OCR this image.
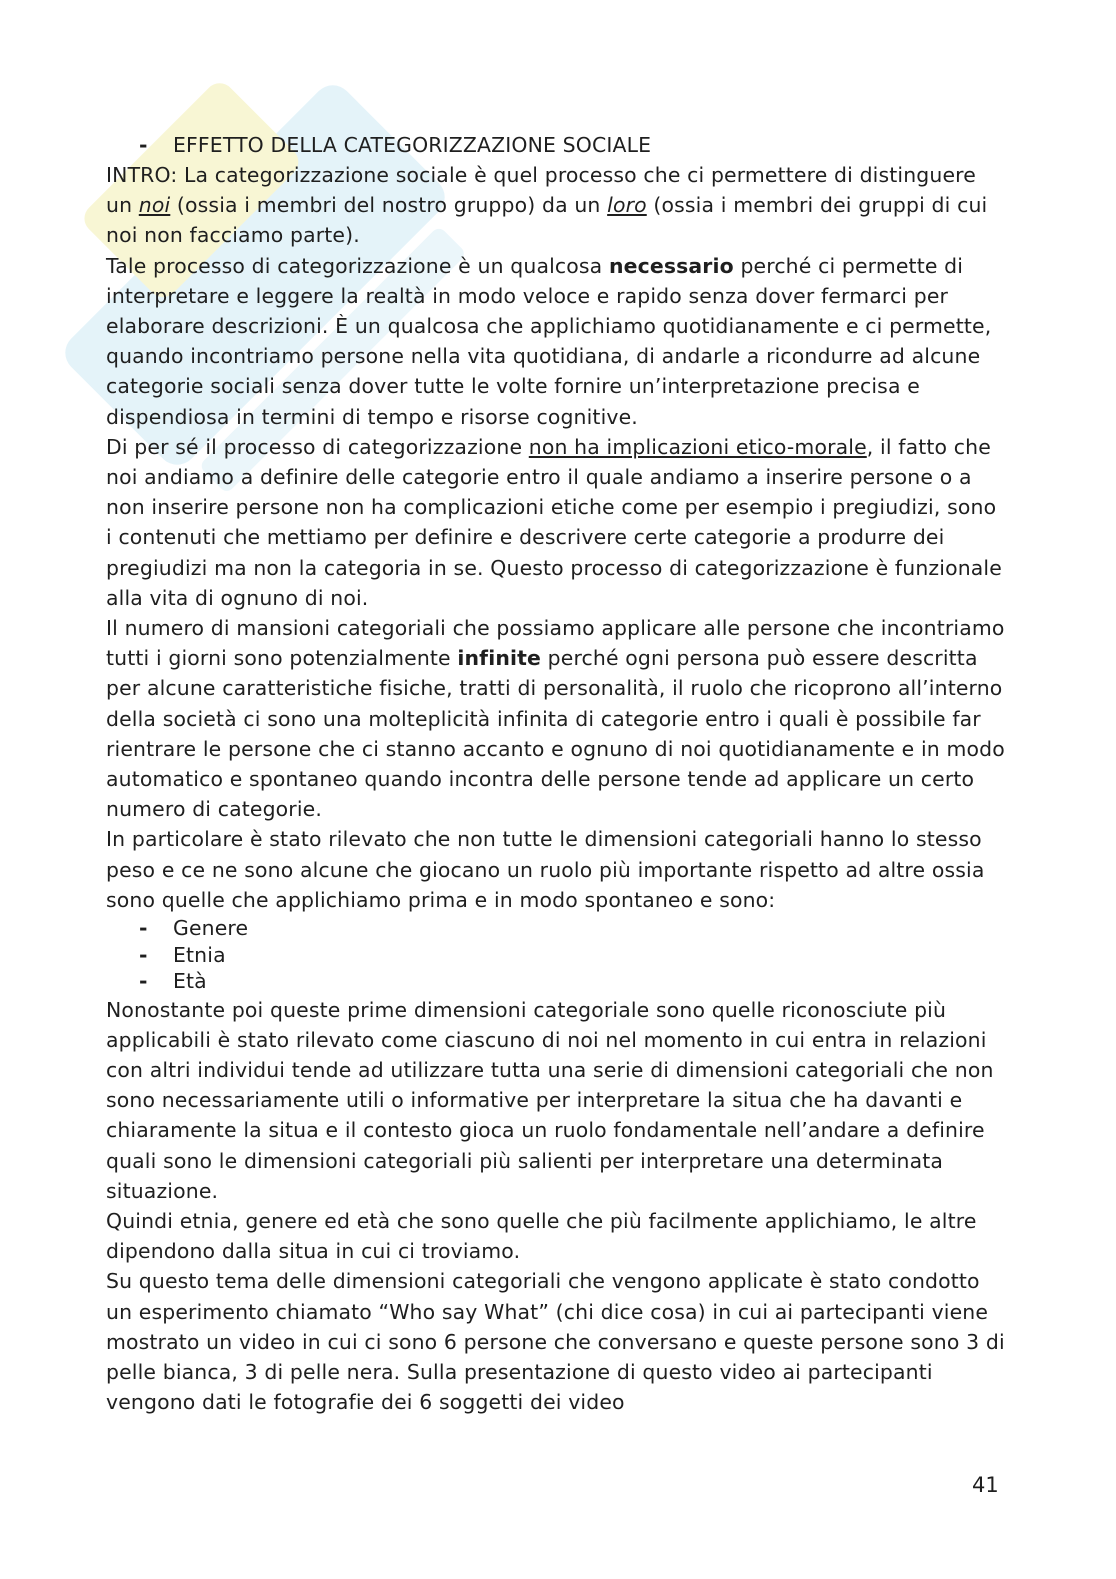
- EFFETTO DELLA CATEGORIZZAZIONE SOCIALE

INTRO: La categorizzazione sociale è quel processo che ci permettere di distinguere un noi (ossia i membri del nostro gruppo) da un loro (ossia i membri dei gruppi di cui noi non facciamo parte).

Tale processo di categorizzazione è un qualcosa necessario perché ci permette di interpretare e leggere la realtà in modo veloce e rapido senza dover fermarci per elaborare descrizioni. È un qualcosa che applichiamo quotidianamente e ci permette, quando incontriamo persone nella vita quotidiana, di andarle a ricondurre ad alcune categorie sociali senza dover tutte le volte fornire un’interpretazione precisa e dispendiosa in termini di tempo e risorse cognitive.

Di per sé il processo di categorizzazione non ha implicazioni etico-morale, il fatto che noi andiamo a definire delle categorie entro il quale andiamo a inserire persone o a non inserire persone non ha complicazioni etiche come per esempio i pregiudizi, sono i contenuti che mettiamo per definire e descrivere certe categorie a produrre dei pregiudizi ma non la categoria in se. Questo processo di categorizzazione è funzionale alla vita di ognuno di noi.

Il numero di mansioni categoriali che possiamo applicare alle persone che incontriamo tutti i giorni sono potenzialmente infinite perché ogni persona può essere descritta per alcune caratteristiche fisiche, tratti di personalità, il ruolo che ricoprono all’interno della società ci sono una molteplicità infinita di categorie entro i quali è possibile far rientrare le persone che ci stanno accanto e ognuno di noi quotidianamente e in modo automatico e spontaneo quando incontra delle persone tende ad applicare un certo numero di categorie.

In particolare è stato rilevato che non tutte le dimensioni categoriali hanno lo stesso peso e ce ne sono alcune che giocano un ruolo più importante rispetto ad altre ossia sono quelle che applichiamo prima e in modo spontaneo e sono:

- Genere
- Etnia
- Età

Nonostante poi queste prime dimensioni categoriale sono quelle riconosciute più applicabili è stato rilevato come ciascuno di noi nel momento in cui entra in relazioni con altri individui tende ad utilizzare tutta una serie di dimensioni categoriali che non sono necessariamente utili o informative per interpretare la situa che ha davanti e chiaramente la situa e il contesto gioca un ruolo fondamentale nell’andare a definire quali sono le dimensioni categoriali più salienti per interpretare una determinata situazione.

Quindi etnia, genere ed età che sono quelle che più facilmente applichiamo, le altre dipendono dalla situa in cui ci troviamo.

Su questo tema delle dimensioni categoriali che vengono applicate è stato condotto un esperimento chiamato “Who say What” (chi dice cosa) in cui ai partecipanti viene mostrato un video in cui ci sono 6 persone che conversano e queste persone sono 3 di pelle bianca, 3 di pelle nera. Sulla presentazione di questo video ai partecipanti vengono dati le fotografie dei 6 soggetti dei video

41
